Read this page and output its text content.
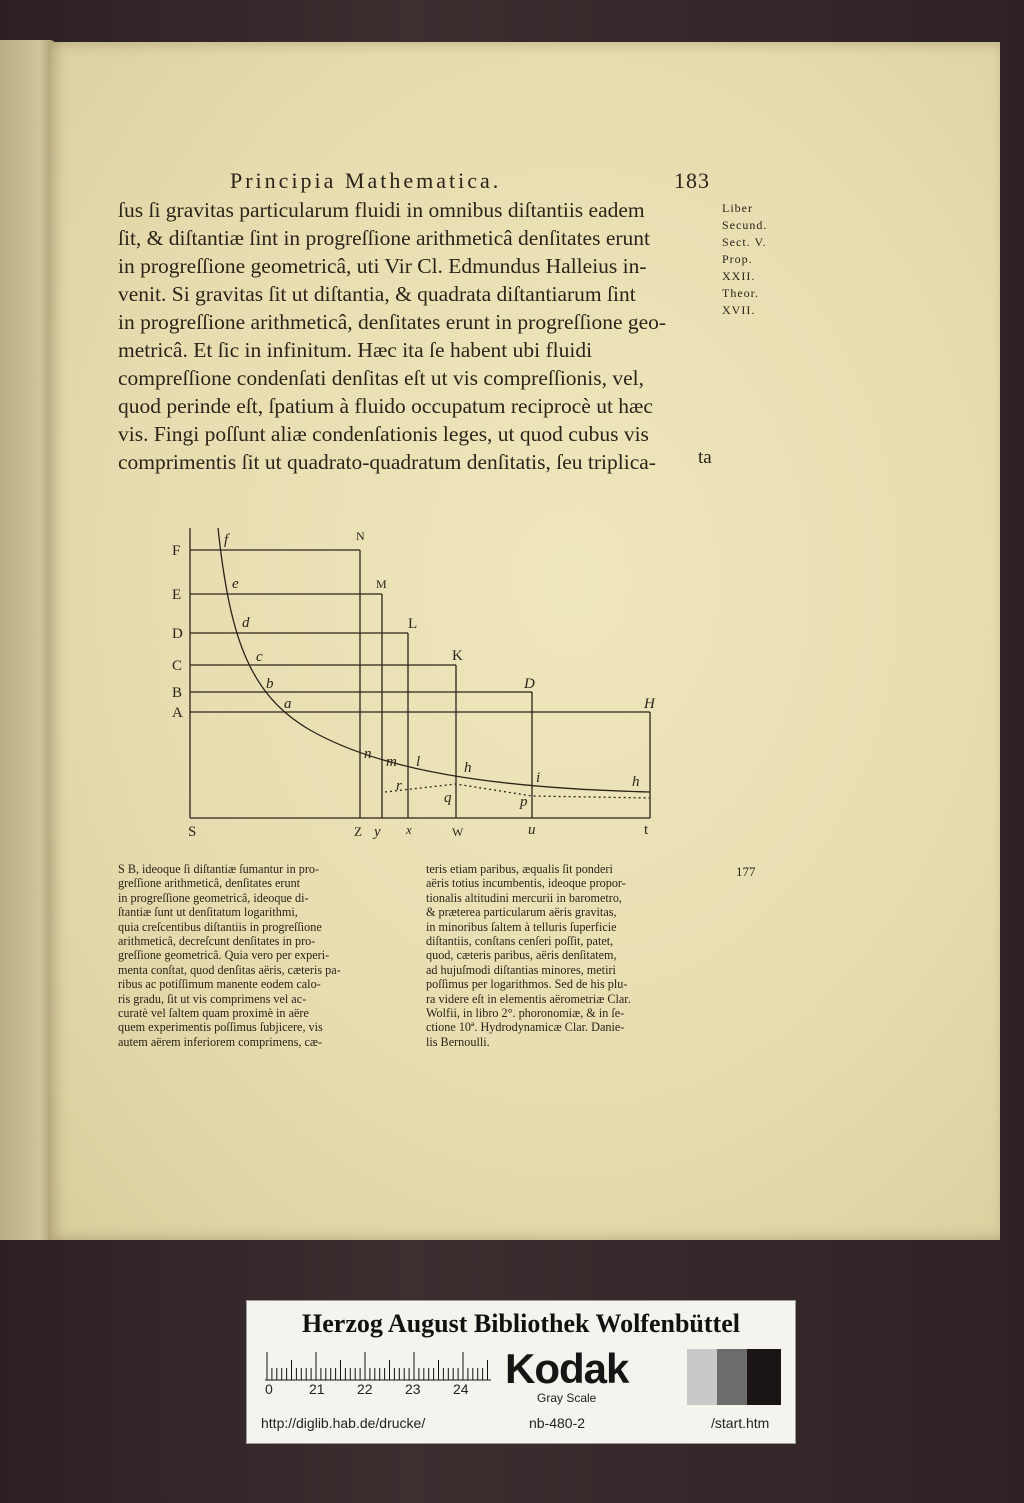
Principia Mathematica.	183
ſus ſi gravitas particularum fluidi in omnibus diſtantiis eadem
ſit, & diſtantiæ ſint in progreſſione arithmeticâ denſitates erunt
in progreſſione geometricâ, uti Vir Cl. Edmundus Halleius in-
venit. Si gravitas ſit ut diſtantia, & quadrata diſtantiarum ſint
in progreſſione arithmeticâ, denſitates erunt in progreſſione geo-
metricâ. Et ſic in infinitum. Hæc ita ſe habent ubi fluidi
compreſſione condenſati denſitas eſt ut vis compreſſionis, vel,
quod perinde eſt, ſpatium à fluido occupatum reciprocè ut hæc
vis. Fingi poſſunt aliæ condenſationis leges, ut quod cubus vis
comprimentis ſit ut quadrato-quadratum denſitatis, ſeu triplica- ta
Liber
Secund.
Sect. V.
Prop.
XXII.
Theor.
XVII.
F
E
D
C
B
A
f
e
d
c
b
a
N
M
L
K
D
H
n m l	h
i	h
r
q	p
S	Z y x	W	u	t
S B, ideoque ſi diſtantiæ ſumantur in pro-
greſſione arithmeticâ, denſitates erunt
in progreſſione geometricâ, ideoque di-
ſtantiæ ſunt ut denſitatum logarithmi,
quia creſcentibus diſtantiis in progreſſione
arithmeticâ, decreſcunt denſitates in pro-
greſſione geometricâ. Quia vero per experi-
menta conſtat, quod denſitas aëris, cæteris pa-
ribus ac potiſſimum manente eodem calo-
ris gradu, ſit ut vis comprimens vel ac-
curatè vel ſaltem quam proximè in aëre
quem experimentis poſſimus ſubjicere, vis
autem aërem inferiorem comprimens, cæ-
teris etiam paribus, æqualis ſit ponderi
aëris totius incumbentis, ideoque propor-
tionalis altitudini mercurii in barometro,
& præterea particularum aëris gravitas,
in minoribus ſaltem à telluris ſuperficie
diſtantiis, conſtans cenſeri poſſit, patet,
quod, cæteris paribus, aëris denſitatem,
ad hujuſmodi diſtantias minores, metiri
poſſimus per logarithmos. Sed de his plu-
ra videre eſt in elementis aërometriæ Clar.
Wolfii, in libro 2°. phoronomiæ, & in ſe-
ctione 10ª. Hydrodynamicæ Clar. Danie-
lis Bernoulli.
177
Herzog August Bibliothek Wolfenbüttel
0	21 22 23 24 Kodak
Gray Scale
http://diglib.hab.de/drucke/	nb-480-2	/start.htm
